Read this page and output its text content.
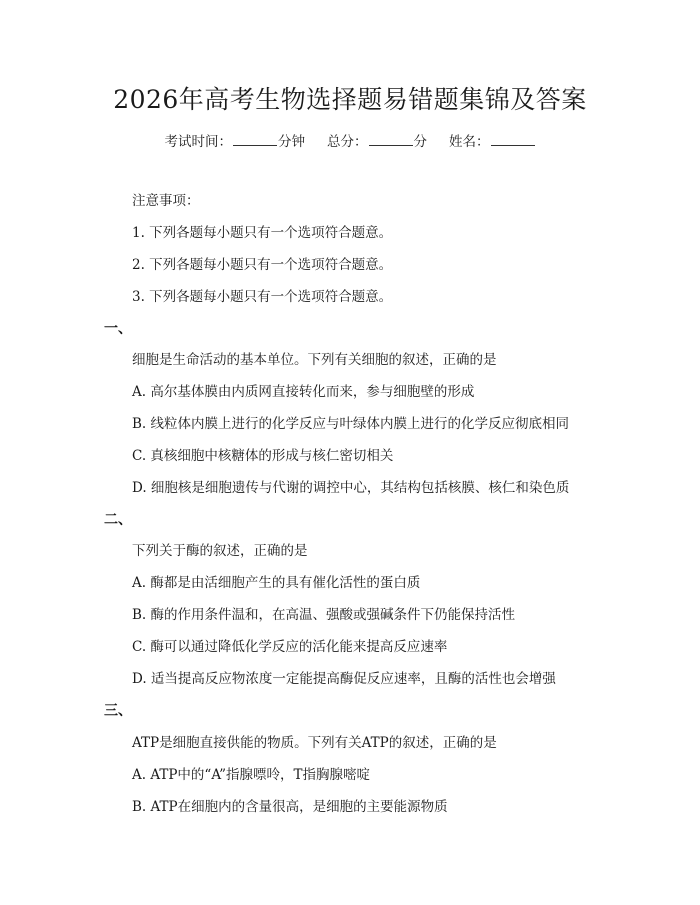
2026年高考生物选择题易错题集锦及答案
考试时间：	分钟 总分：	分 姓名：
注意事项：
1. 下列各题每小题只有一个选项符合题意。
2. 下列各题每小题只有一个选项符合题意。
3. 下列各题每小题只有一个选项符合题意。
一、
细胞是生命活动的基本单位。下列有关细胞的叙述，正确的是
A. 高尔基体膜由内质网直接转化而来，参与细胞壁的形成
B. 线粒体内膜上进行的化学反应与叶绿体内膜上进行的化学反应彻底相同
C. 真核细胞中核糖体的形成与核仁密切相关
D. 细胞核是细胞遗传与代谢的调控中心，其结构包括核膜、核仁和染色质
二、
下列关于酶的叙述，正确的是
A. 酶都是由活细胞产生的具有催化活性的蛋白质
B. 酶的作用条件温和，在高温、强酸或强碱条件下仍能保持活性
C. 酶可以通过降低化学反应的活化能来提高反应速率
D. 适当提高反应物浓度一定能提高酶促反应速率，且酶的活性也会增强
三、
ATP是细胞直接供能的物质。下列有关ATP的叙述，正确的是
A. ATP中的“A”指腺嘌呤，T指胸腺嘧啶
B. ATP在细胞内的含量很高，是细胞的主要能源物质
